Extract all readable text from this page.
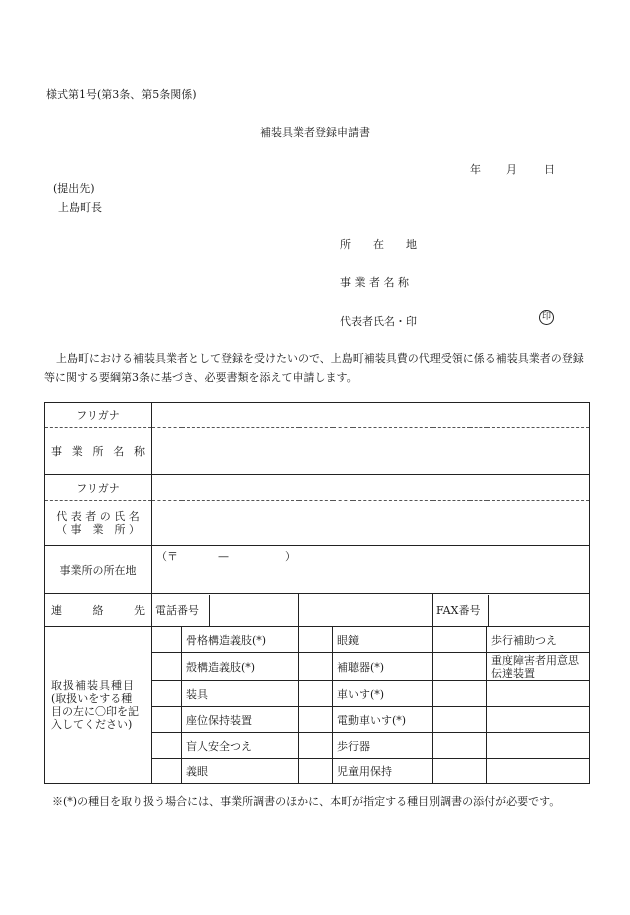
様式第1号(第3条、第5条関係)
補装具業者登録申請書
年 月 日
(提出先)
上島町長
所　　在　　地
事 業 者 名 称
代表者氏名・印	印
上島町における補装具業者として登録を受けたいので、上島町補装具費の代理受領に係る補装具業者の登録等に関する要綱第3条に基づき、必要書類を添えて申請します。
フリガナ						
事 業 所 名 称						
フリガナ						

代 表 者 の 氏 名
（ 事　業　所 ）						

事業所の所在地	（〒 — ）					
連　　絡　　先	電話番号				FAX番号	

取扱補装具種目
(取扱いをする種
目の左に〇印を記
入してください)		骨格構造義肢(*)		眼鏡		歩行補助つえ
		殻構造義肢(*)		補聴器(*)		重度障害者用意思伝達装置
		装具		車いす(*)		
		座位保持装置		電動車いす(*)		
		盲人安全つえ		歩行器		
		義眼		児童用保持		
※(*)の種目を取り扱う場合には、事業所調書のほかに、本町が指定する種目別調書の添付が必要です。
